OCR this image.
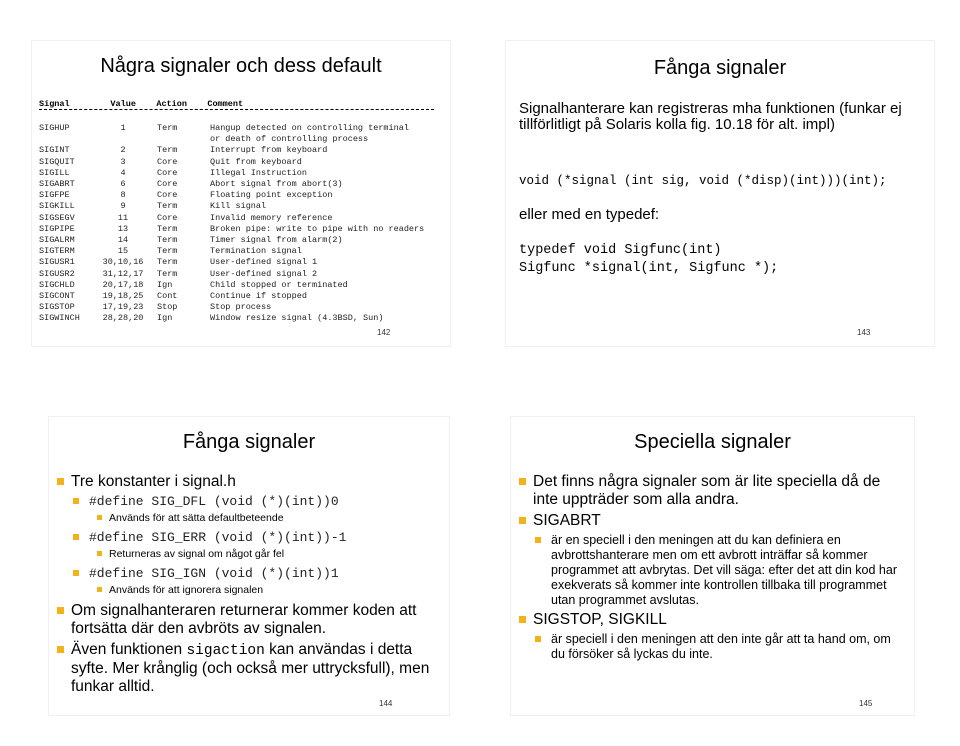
Några signaler och dess default
Signal	Value Action Comment
SIGHUP	1	Term	Hangup detected on controlling terminal
or death of controlling process
SIGINT	2	Term	Interrupt from keyboard
SIGQUIT	3	Core	Quit from keyboard
SIGILL	4	Core	Illegal Instruction
SIGABRT	6	Core	Abort signal from abort(3)
SIGFPE	8	Core	Floating point exception
SIGKILL	9	Term	Kill signal
SIGSEGV	11	Core	Invalid memory reference
SIGPIPE	13	Term	Broken pipe: write to pipe with no readers
SIGALRM	14	Term	Timer signal from alarm(2)
SIGTERM	15	Term	Termination signal
SIGUSR1	30,10,16	Term	User-defined signal 1
SIGUSR2	31,12,17	Term	User-defined signal 2
SIGCHLD	20,17,18	Ign	Child stopped or terminated
SIGCONT	19,18,25	Cont	Continue if stopped
SIGSTOP	17,19,23	Stop	Stop process
SIGWINCH	28,28,20	Ign	Window resize signal (4.3BSD, Sun)
142
Fånga signaler
Signalhanterare kan registreras mha funktionen (funkar ej tillförlitligt på Solaris kolla fig. 10.18 för alt. impl)
void (*signal (int sig, void (*disp)(int)))(int);
eller med en typedef:
typedef void Sigfunc(int)
Sigfunc *signal(int, Sigfunc *);
143
Fånga signaler
Tre konstanter i signal.h
#define SIG_DFL (void (*)(int))0
Används för att sätta defaultbeteende
#define SIG_ERR (void (*)(int))-1
Returneras av signal om något går fel
#define SIG_IGN (void (*)(int))1
Används för att ignorera signalen
Om signalhanteraren returnerar kommer koden att fortsätta där den avbröts av signalen.
Även funktionen sigaction kan användas i detta syfte. Mer krånglig (och också mer uttrycksfull), men funkar alltid.
144
Speciella signaler
Det finns några signaler som är lite speciella då de inte uppträder som alla andra.
SIGABRT
är en speciell i den meningen att du kan definiera en avbrottshanterare men om ett avbrott inträffar så kommer programmet att avbrytas. Det vill säga: efter det att din kod har exekverats så kommer inte kontrollen tillbaka till programmet utan programmet avslutas.
SIGSTOP, SIGKILL
är speciell i den meningen att den inte går att ta hand om, om du försöker så lyckas du inte.
145
